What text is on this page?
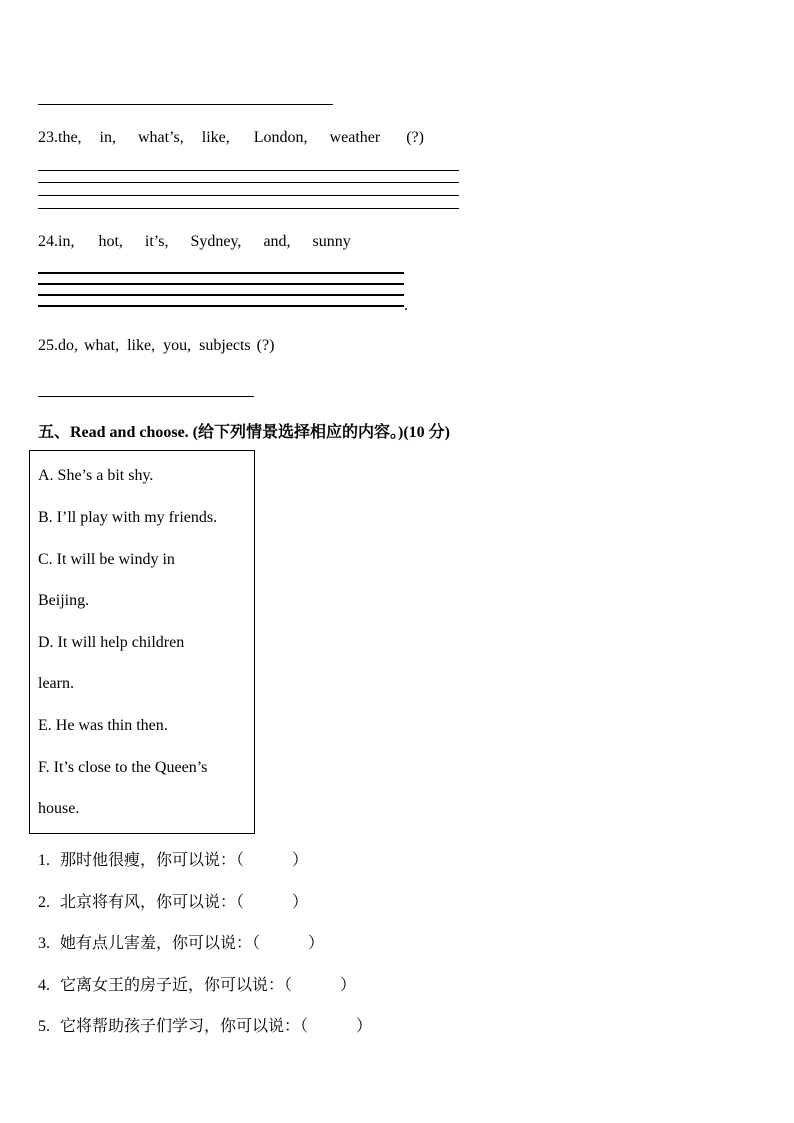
23.the, in, what’s, like, London, weather (?)
24.in, hot, it’s, Sydney, and, sunny
.
25.do, what, like, you, subjects (?)
五、Read and choose. (给下列情景选择相应的内容。)(10 分)
A. She’s a bit shy.
B. I’ll play with my friends.
C. It will be windy in
Beijing.
D. It will help children
learn.
E. He was thin then.
F. It’s close to the Queen’s
house.
1. 那时他很瘦，你可以说：（　　　）
2. 北京将有风，你可以说：（　　　）
3. 她有点儿害羞，你可以说：（　　　）
4. 它离女王的房子近，你可以说：（　　　）
5. 它将帮助孩子们学习，你可以说：（　　　）
